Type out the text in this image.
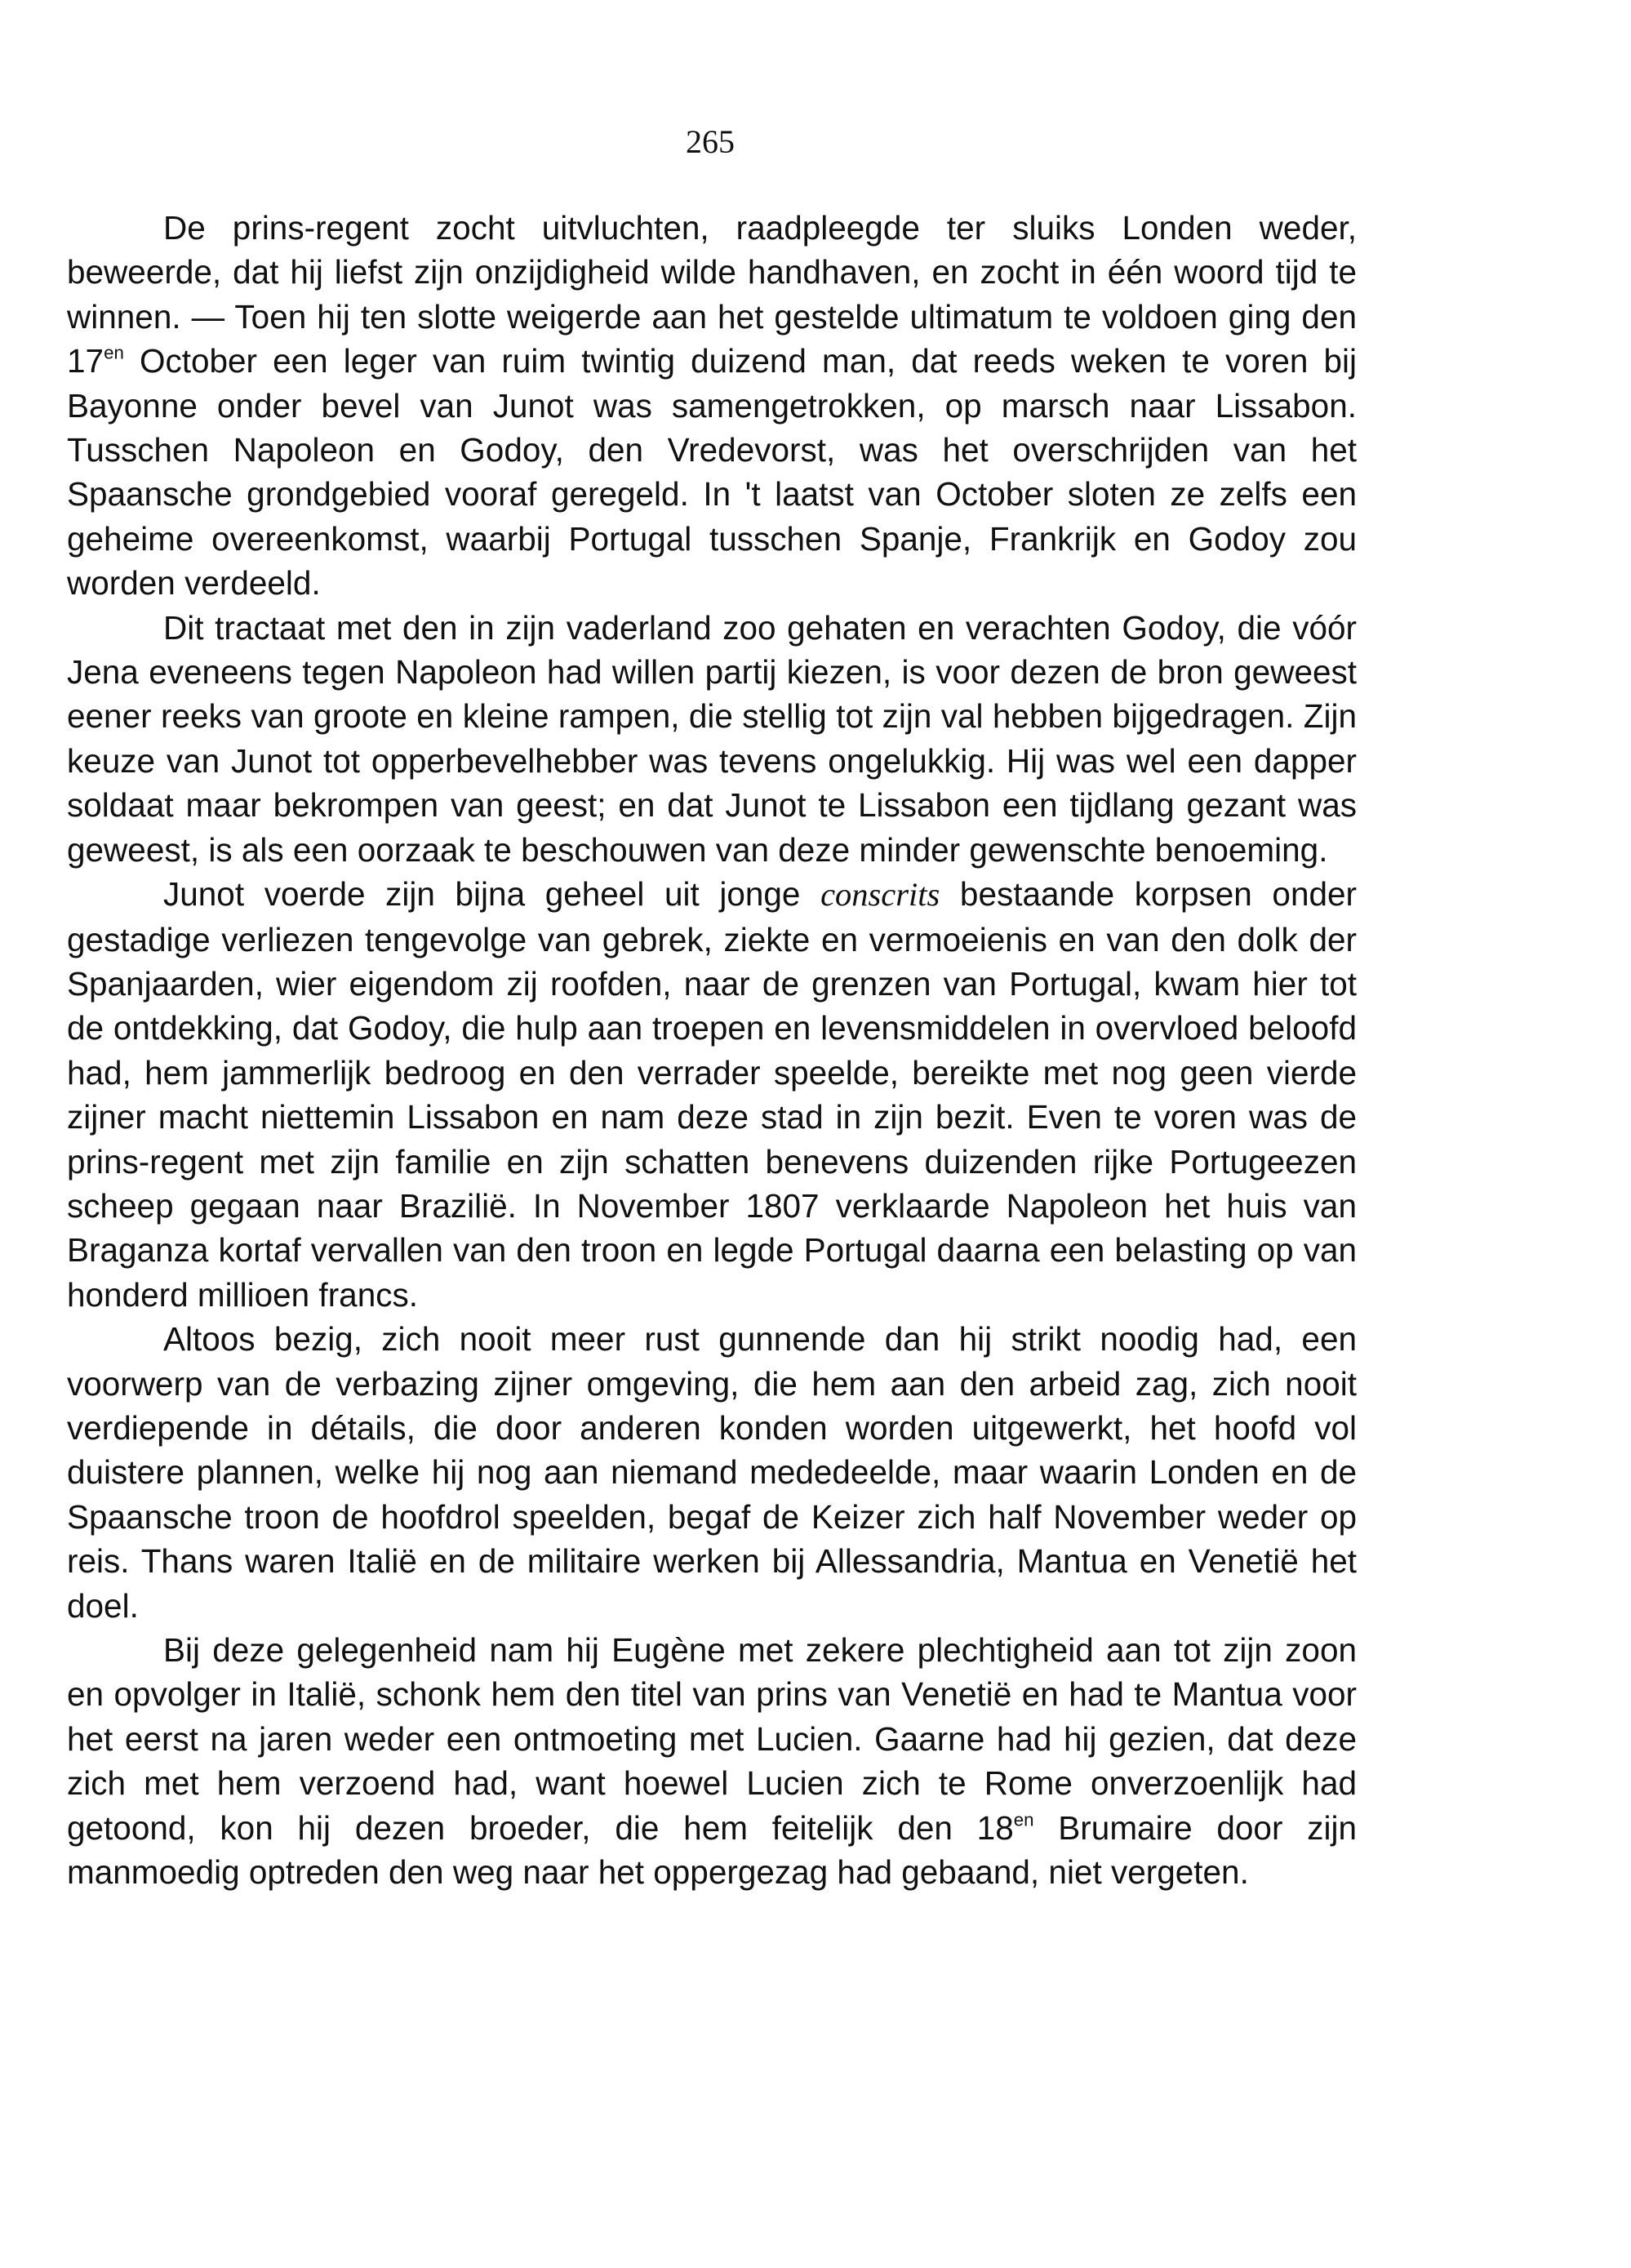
265

De prins-regent zocht uitvluchten, raadpleegde ter sluiks Londen weder, beweerde, dat hij liefst zijn onzijdigheid wilde handhaven, en zocht in één woord tijd te winnen. — Toen hij ten slotte weigerde aan het gestelde ultimatum te voldoen ging den $17^{en}$ October een leger van ruim twintig duizend man, dat reeds weken te voren bij Bayonne onder bevel van Junot was samengetrokken, op marsch naar Lissabon. Tusschen Napoleon en Godoy, den Vredevorst, was het overschrijden van het Spaansche grondgebied vooraf geregeld. In 't laatst van October sloten ze zelfs een geheime overeenkomst, waarbij Portugal tusschen Spanje, Frankrijk en Godoy zou worden verdeeld.

Dit tractaat met den in zijn vaderland zoo gehaten en verachten Godoy, die vóór Jena eveneens tegen Napoleon had willen partij kiezen, is voor dezen de bron geweest eener reeks van groote en kleine rampen, die stellig tot zijn val hebben bijgedragen. Zijn keuze van Junot tot opperbevelhebber was tevens ongelukkig. Hij was wel een dapper soldaat maar bekrompen van geest; en dat Junot te Lissabon een tijdlang gezant was geweest, is als een oorzaak te beschouwen van deze minder gewenschte benoeming.

Junot voerde zijn bijna geheel uit jonge conscrits bestaande korpsen onder gestadige verliezen tengevolge van gebrek, ziekte en vermoeienis en van den dolk der Spanjaarden, wier eigendom zij roofden, naar de grenzen van Portugal, kwam hier tot de ontdekking, dat Godoy, die hulp aan troepen en levensmiddelen in overvloed beloofd had, hem jammerlijk bedroog en den verrader speelde, bereikte met nog geen vierde zijner macht niettemin Lissabon en nam deze stad in zijn bezit. Even te voren was de prins-regent met zijn familie en zijn schatten benevens duizenden rijke Portugeezen scheep gegaan naar Brazilië. In November 1807 verklaarde Napoleon het huis van Braganza kortaf vervallen van den troon en legde Portugal daarna een belasting op van honderd millioen francs.

Altoos bezig, zich nooit meer rust gunnende dan hij strikt noodig had, een voorwerp van de verbazing zijner omgeving, die hem aan den arbeid zag, zich nooit verdiepende in détails, die door anderen konden worden uitgewerkt, het hoofd vol duistere plannen, welke hij nog aan niemand mededeelde, maar waarin Londen en de Spaansche troon de hoofdrol speelden, begaf de Keizer zich half November weder op reis. Thans waren Italië en de militaire werken bij Allessandria, Mantua en Venetië het doel.

Bij deze gelegenheid nam hij Eugène met zekere plechtigheid aan tot zijn zoon en opvolger in Italië, schonk hem den titel van prins van Venetië en had te Mantua voor het eerst na jaren weder een ontmoeting met Lucien. Gaarne had hij gezien, dat deze zich met hem verzoend had, want hoewel Lucien zich te Rome onverzoenlijk had getoond, kon hij dezen broeder, die hem feitelijk den $18^{en}$ Brumaire door zijn manmoedig optreden den weg naar het oppergezag had gebaand, niet vergeten.
